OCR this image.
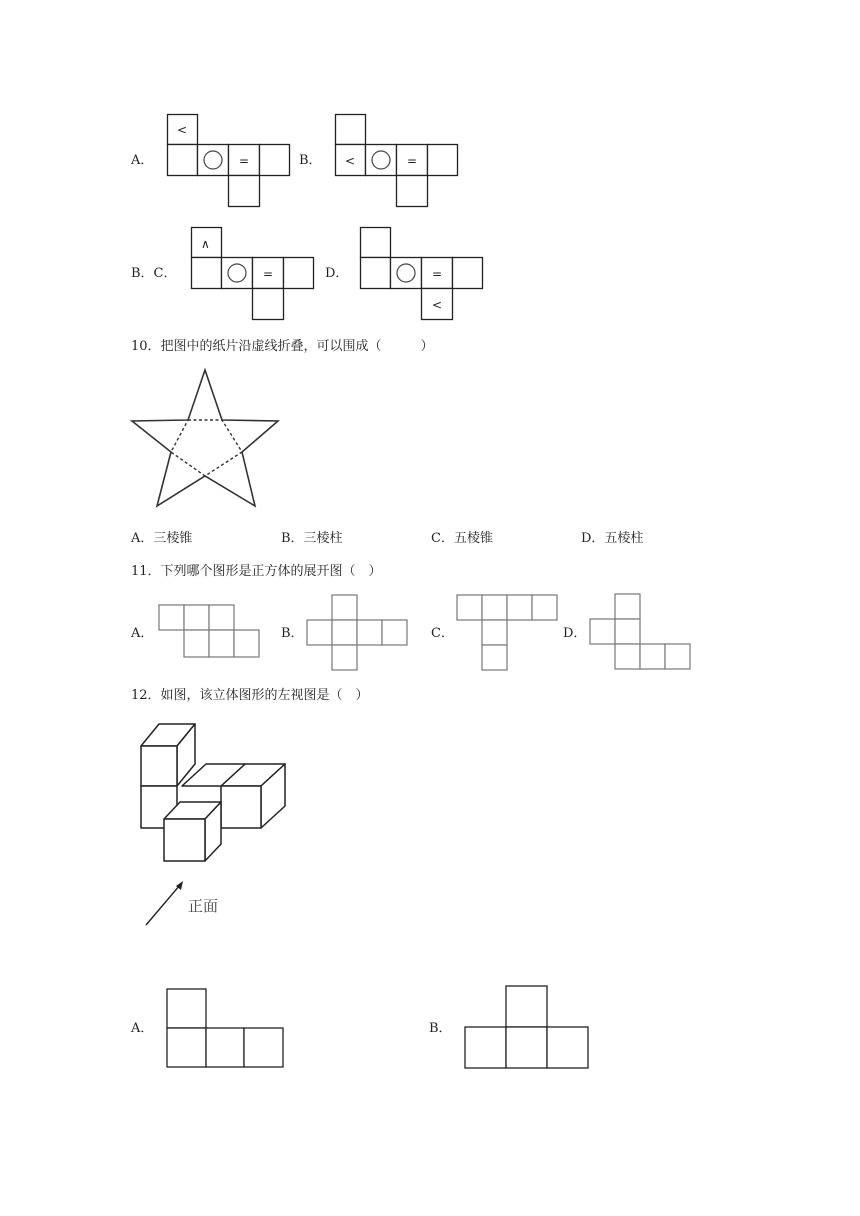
A．
<
=	B． <	=
B．C．
∧
=	D．	=
<
10．把图中的纸片沿虚线折叠，可以围成（　　　）
A．三棱锥	B．三棱柱	C．五棱锥	D．五棱柱
11．下列哪个图形是正方体的展开图（　）
A．	B．	C．	D．
12．如图，该立体图形的左视图是（　）
正面
A．	B．
